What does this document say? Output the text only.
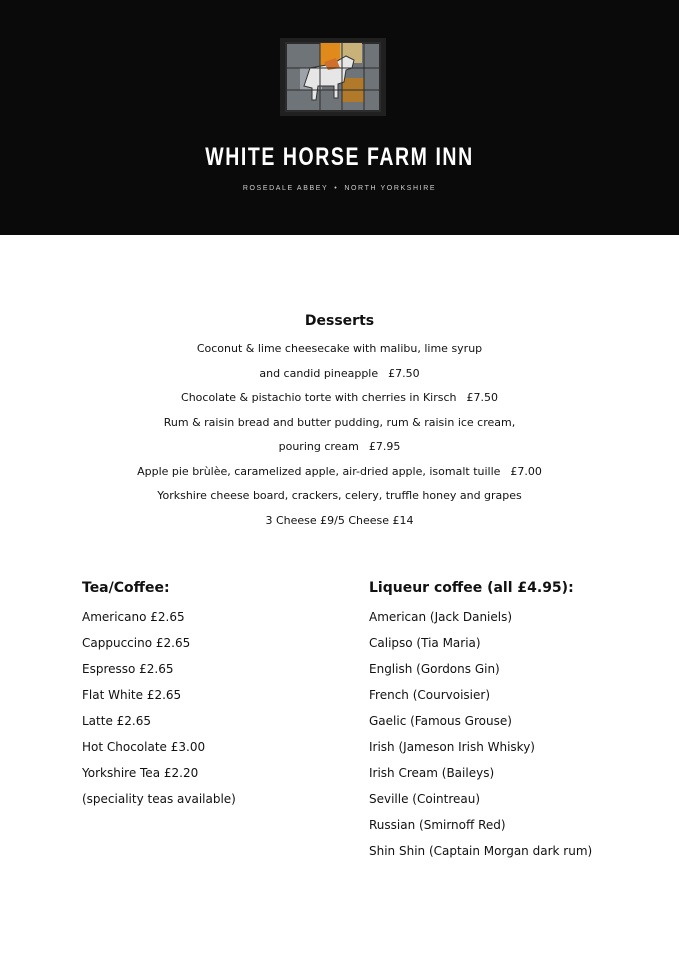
WHITE HORSE FARM INN
ROSEDALE ABBEY • NORTH YORKSHIRE
Desserts
Coconut & lime cheesecake with malibu, lime syrup
and candid pineapple £7.50
Chocolate & pistachio torte with cherries in Kirsch £7.50
Rum & raisin bread and butter pudding, rum & raisin ice cream,
pouring cream £7.95
Apple pie brùlèe, caramelized apple, air-dried apple, isomalt tuille £7.00
Yorkshire cheese board, crackers, celery, truffle honey and grapes
3 Cheese £9/5 Cheese £14
Tea/Coffee:
Americano £2.65
Cappuccino £2.65
Espresso £2.65
Flat White £2.65
Latte £2.65
Hot Chocolate £3.00
Yorkshire Tea £2.20
(speciality teas available)
Liqueur coffee (all £4.95):
American (Jack Daniels)
Calipso (Tia Maria)
English (Gordons Gin)
French (Courvoisier)
Gaelic (Famous Grouse)
Irish (Jameson Irish Whisky)
Irish Cream (Baileys)
Seville (Cointreau)
Russian (Smirnoff Red)
Shin Shin (Captain Morgan dark rum)
